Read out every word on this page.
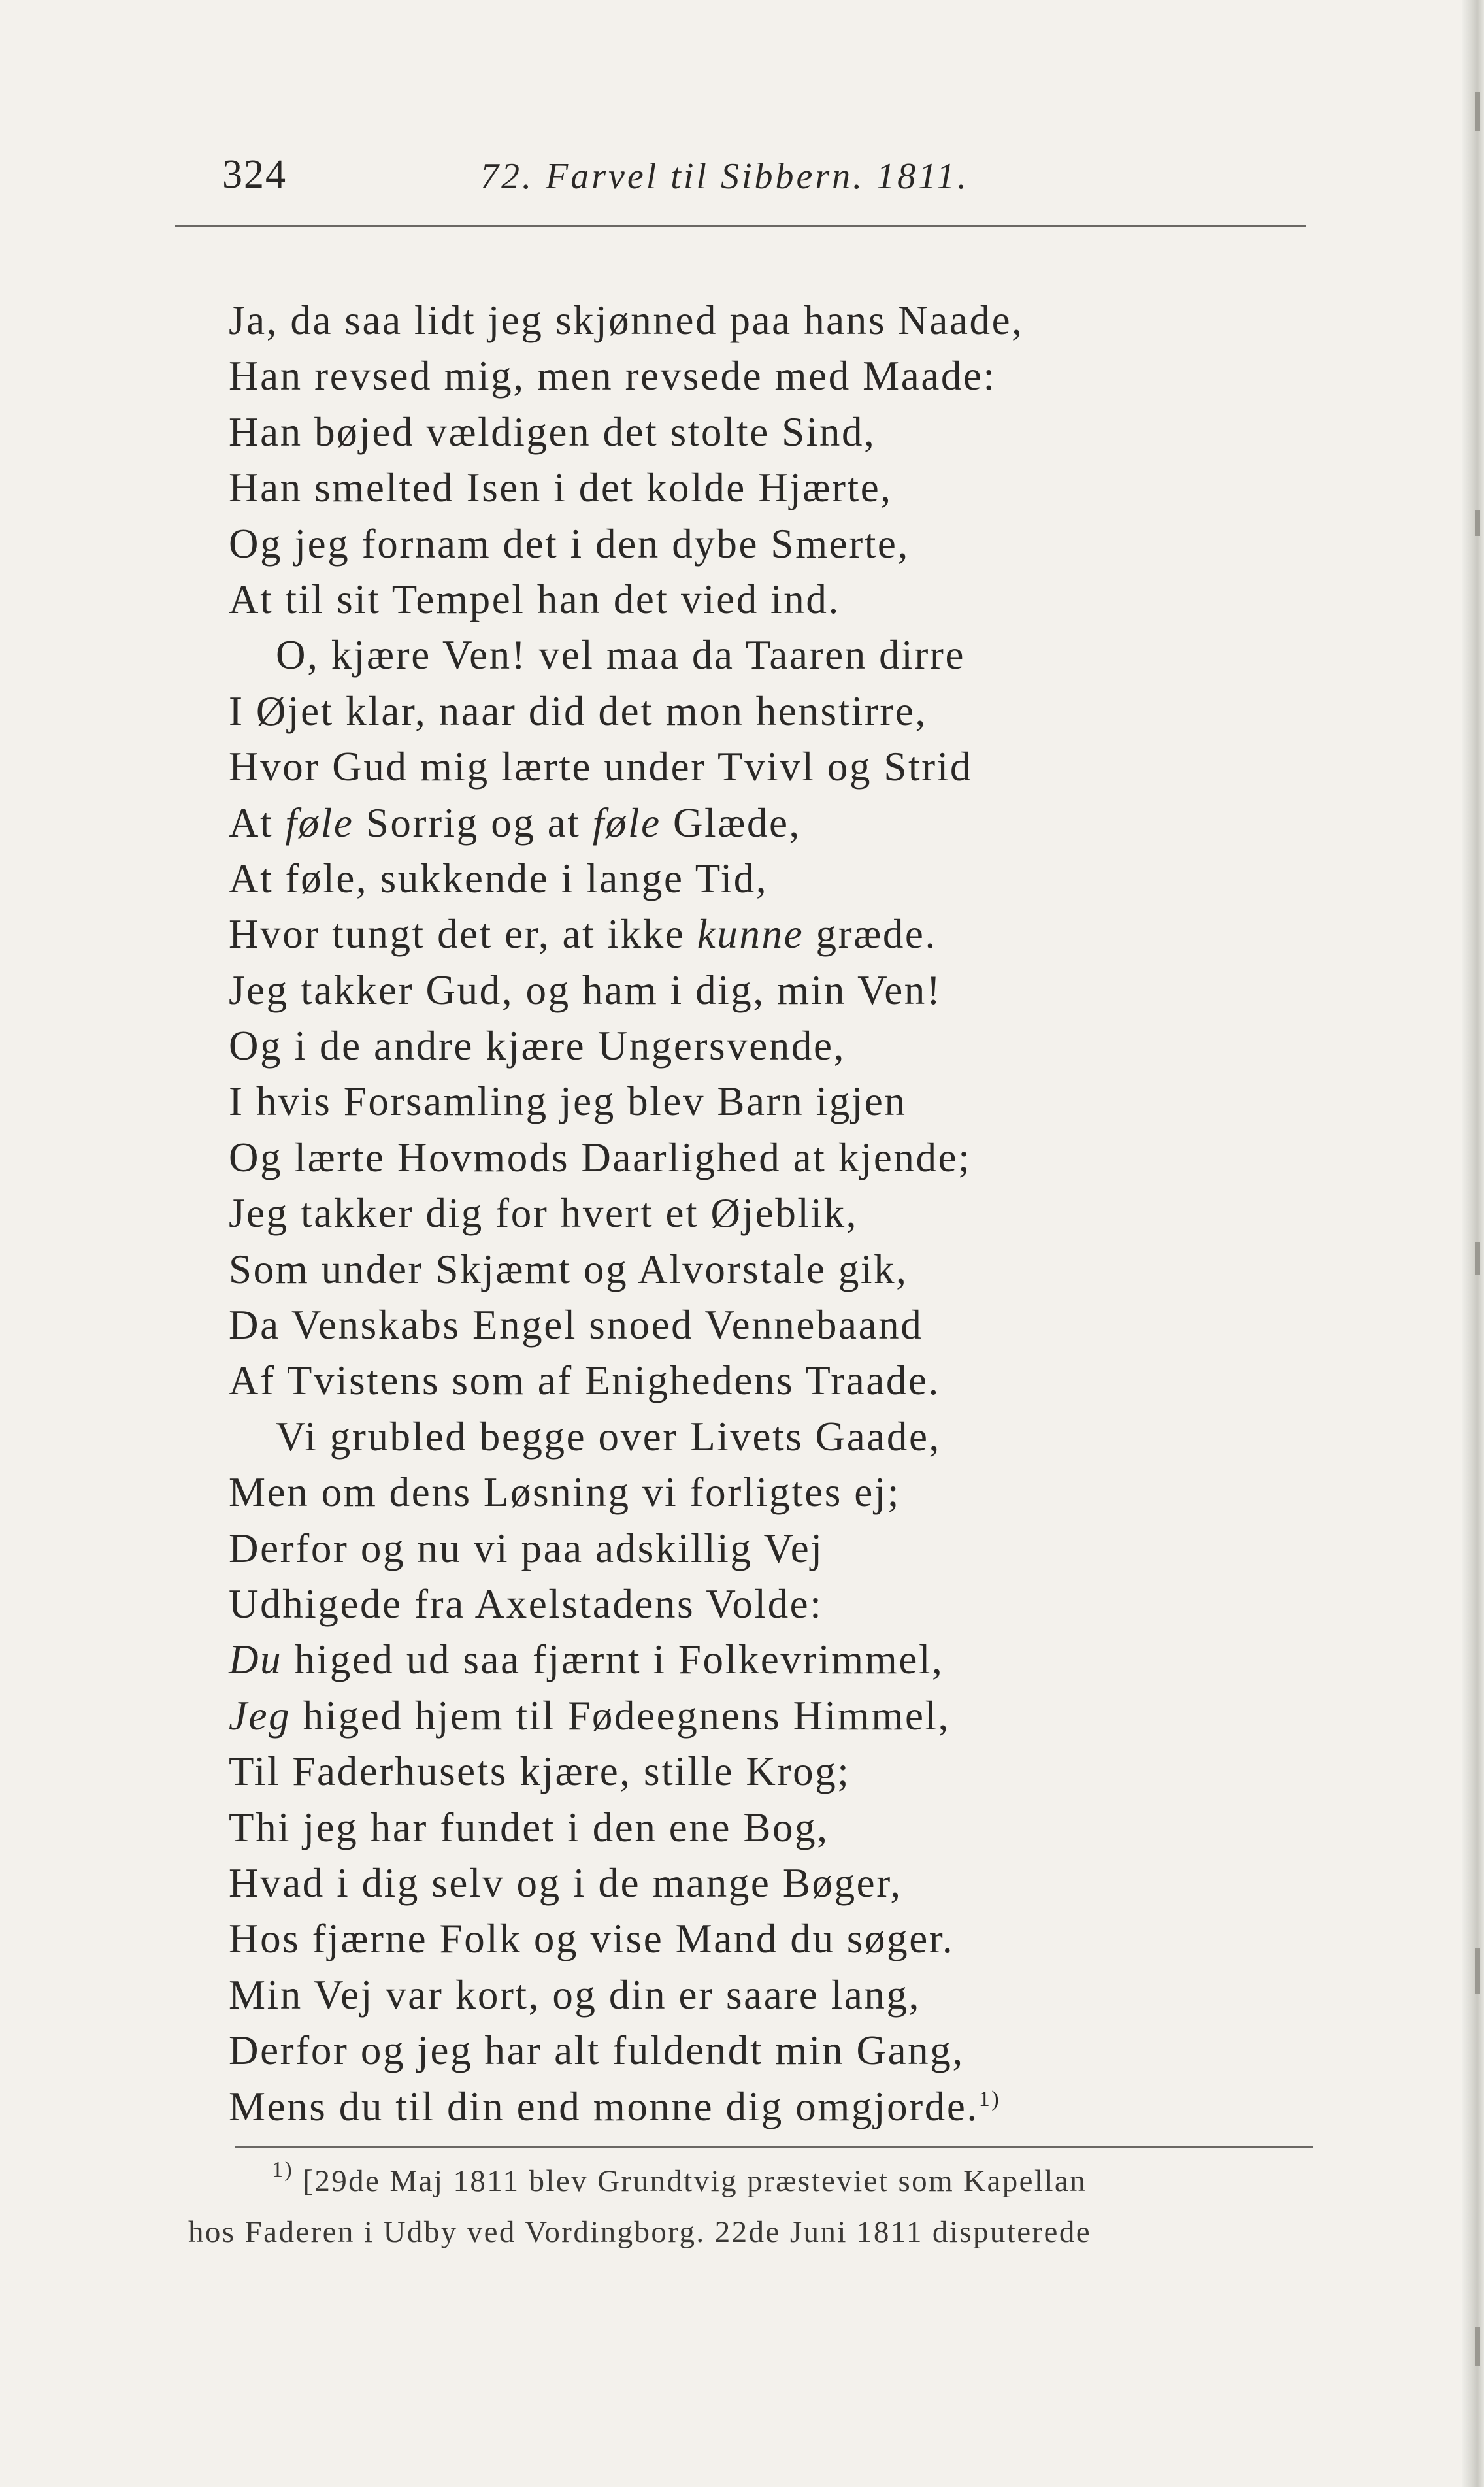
324	72. Farvel til Sibbern. 1811.
Ja, da saa lidt jeg skjønned paa hans Naade,
Han revsed mig, men revsede med Maade:
Han bøjed vældigen det stolte Sind,
Han smelted Isen i det kolde Hjærte,
Og jeg fornam det i den dybe Smerte,
At til sit Tempel han det vied ind.
O, kjære Ven! vel maa da Taaren dirre
I Øjet klar, naar did det mon henstirre,
Hvor Gud mig lærte under Tvivl og Strid
At føle Sorrig og at føle Glæde,
At føle, sukkende i lange Tid,
Hvor tungt det er, at ikke kunne græde.
Jeg takker Gud, og ham i dig, min Ven!
Og i de andre kjære Ungersvende,
I hvis Forsamling jeg blev Barn igjen
Og lærte Hovmods Daarlighed at kjende;
Jeg takker dig for hvert et Øjeblik,
Som under Skjæmt og Alvorstale gik,
Da Venskabs Engel snoed Vennebaand
Af Tvistens som af Enighedens Traade.
Vi grubled begge over Livets Gaade,
Men om dens Løsning vi forligtes ej;
Derfor og nu vi paa adskillig Vej
Udhigede fra Axelstadens Volde:
Du higed ud saa fjærnt i Folkevrimmel,
Jeg higed hjem til Fødeegnens Himmel,
Til Faderhusets kjære, stille Krog;
Thi jeg har fundet i den ene Bog,
Hvad i dig selv og i de mange Bøger,
Hos fjærne Folk og vise Mand du søger.
Min Vej var kort, og din er saare lang,
Derfor og jeg har alt fuldendt min Gang,
Mens du til din end monne dig omgjorde.$^{1)}$
$^{1)}$ [29de Maj 1811 blev Grundtvig præsteviet som Kapellan
hos Faderen i Udby ved Vordingborg. 22de Juni 1811 disputerede
